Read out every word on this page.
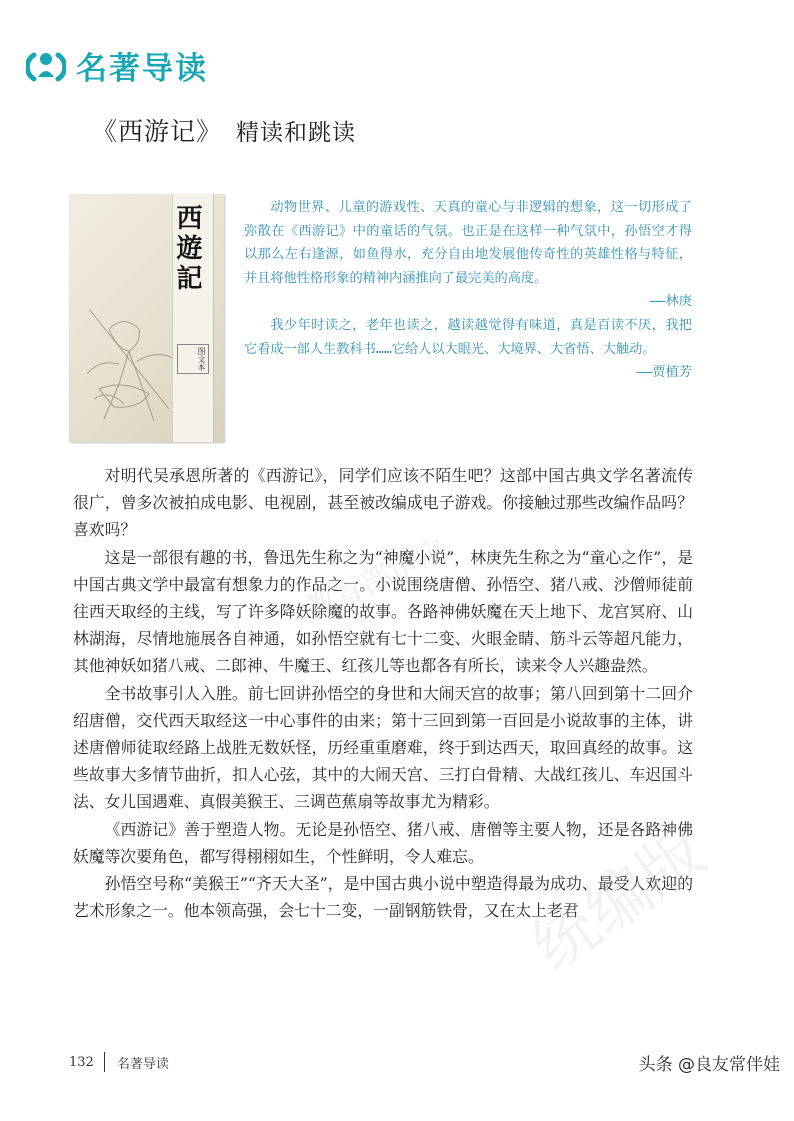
名著导读
《西游记》 精读和跳读
西遊記
图文本

动物世界、儿童的游戏性、天真的童心与非逻辑的想象，这一切形成了弥散在《西游记》中的童话的气氛。也正是在这样一种气氛中，孙悟空才得以那么左右逢源，如鱼得水，充分自由地发展他传奇性的英雄性格与特征，并且将他性格形象的精神内涵推向了最完美的高度。

——林庚

我少年时读之，老年也读之，越读越觉得有味道，真是百读不厌，我把它看成一部人生教科书……它给人以大眼光、大境界、大省悟、大触动。

——贾植芳

对明代吴承恩所著的《西游记》，同学们应该不陌生吧？这部中国古典文学名著流传很广，曾多次被拍成电影、电视剧，甚至被改编成电子游戏。你接触过那些改编作品吗？喜欢吗？

这是一部很有趣的书，鲁迅先生称之为“神魔小说”，林庚先生称之为“童心之作”，是中国古典文学中最富有想象力的作品之一。小说围绕唐僧、孙悟空、猪八戒、沙僧师徒前往西天取经的主线，写了许多降妖除魔的故事。各路神佛妖魔在天上地下、龙宫冥府、山林湖海，尽情地施展各自神通，如孙悟空就有七十二变、火眼金睛、筋斗云等超凡能力，其他神妖如猪八戒、二郎神、牛魔王、红孩儿等也都各有所长，读来令人兴趣盎然。

全书故事引人入胜。前七回讲孙悟空的身世和大闹天宫的故事；第八回到第十二回介绍唐僧，交代西天取经这一中心事件的由来；第十三回到第一百回是小说故事的主体，讲述唐僧师徒取经路上战胜无数妖怪，历经重重磨难，终于到达西天，取回真经的故事。这些故事大多情节曲折，扣人心弦，其中的大闹天宫、三打白骨精、大战红孩儿、车迟国斗法、女儿国遇难、真假美猴王、三调芭蕉扇等故事尤为精彩。

《西游记》善于塑造人物。无论是孙悟空、猪八戒、唐僧等主要人物，还是各路神佛妖魔等次要角色，都写得栩栩如生，个性鲜明，令人难忘。

孙悟空号称“美猴王”“齐天大圣”，是中国古典小说中塑造得最为成功、最受人欢迎的艺术形象之一。他本领高强，会七十二变，一副钢筋铁骨，又在太上老君

教育部审定
统编版
132 名著导读	头条 @良友常伴娃
